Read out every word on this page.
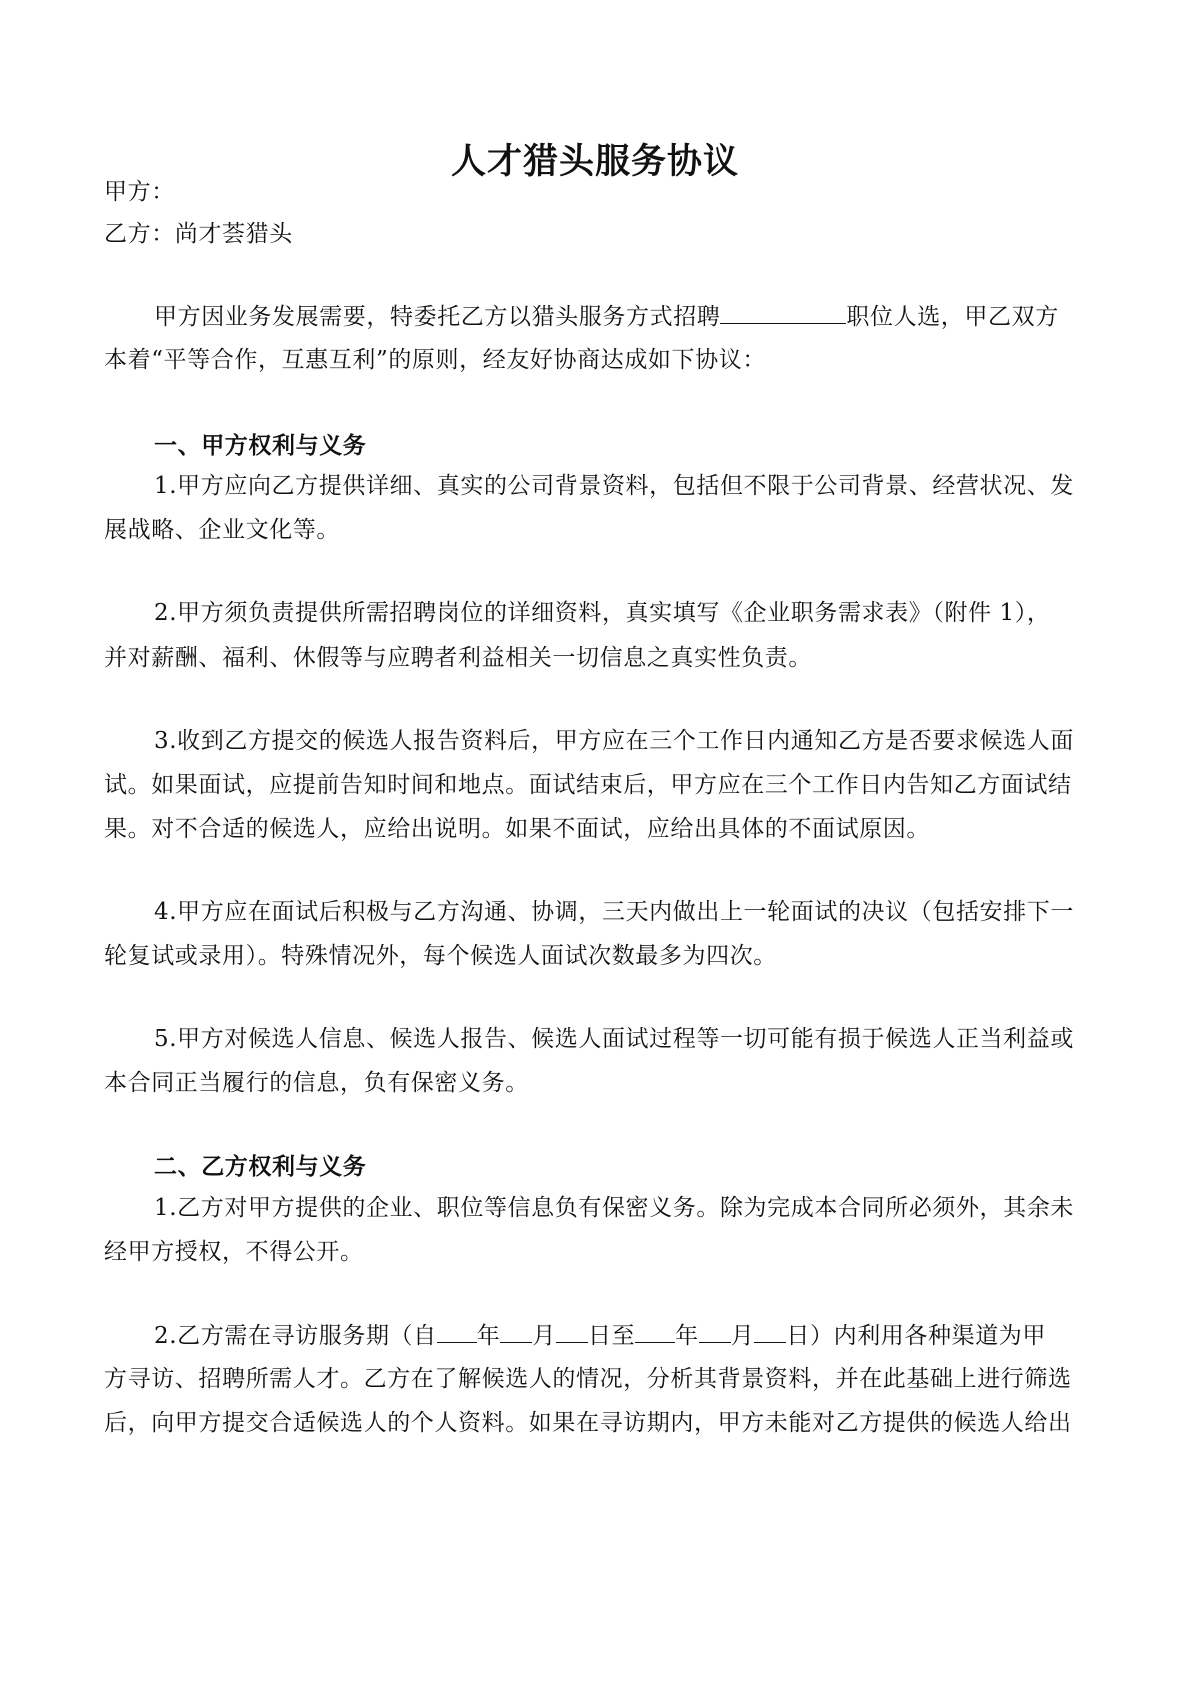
人才猎头服务协议
甲方：
乙方：尚才荟猎头
甲方因业务发展需要，特委托乙方以猎头服务方式招聘	职位人选，甲乙双方
本着“平等合作，互惠互利”的原则，经友好协商达成如下协议：
一、甲方权利与义务
1.甲方应向乙方提供详细、真实的公司背景资料，包括但不限于公司背景、经营状况、发
展战略、企业文化等。
2.甲方须负责提供所需招聘岗位的详细资料，真实填写《企业职务需求表》（附件 1），
并对薪酬、福利、休假等与应聘者利益相关一切信息之真实性负责。
3.收到乙方提交的候选人报告资料后，甲方应在三个工作日内通知乙方是否要求候选人面
试。如果面试，应提前告知时间和地点。面试结束后，甲方应在三个工作日内告知乙方面试结
果。对不合适的候选人，应给出说明。如果不面试，应给出具体的不面试原因。
4.甲方应在面试后积极与乙方沟通、协调，三天内做出上一轮面试的决议（包括安排下一
轮复试或录用）。特殊情况外，每个候选人面试次数最多为四次。
5.甲方对候选人信息、候选人报告、候选人面试过程等一切可能有损于候选人正当利益或
本合同正当履行的信息，负有保密义务。
二、乙方权利与义务
1.乙方对甲方提供的企业、职位等信息负有保密义务。除为完成本合同所必须外，其余未
经甲方授权，不得公开。
2.乙方需在寻访服务期（自 年 月 日至 年 月 日）内利用各种渠道为甲
方寻访、招聘所需人才。乙方在了解候选人的情况，分析其背景资料，并在此基础上进行筛选
后，向甲方提交合适候选人的个人资料。如果在寻访期内，甲方未能对乙方提供的候选人给出
